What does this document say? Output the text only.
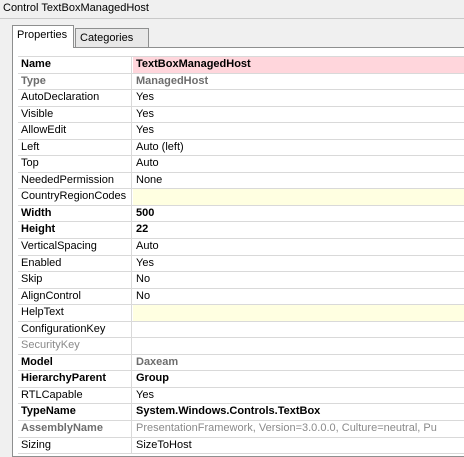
Control TextBoxManagedHost
Properties	Categories
Name	TextBoxManagedHost
Type	ManagedHost
AutoDeclaration	Yes
Visible	Yes
AllowEdit	Yes
Left	Auto (left)
Top	Auto
NeededPermission	None
CountryRegionCodes
Width	500
Height	22
VerticalSpacing	Auto
Enabled	Yes
Skip	No
AlignControl	No
HelpText
ConfigurationKey
SecurityKey
Model	Daxeam
HierarchyParent	Group
RTLCapable	Yes
TypeName	System.Windows.Controls.TextBox
AssemblyName	PresentationFramework, Version=3.0.0.0, Culture=neutral, Pu
Sizing	SizeToHost
